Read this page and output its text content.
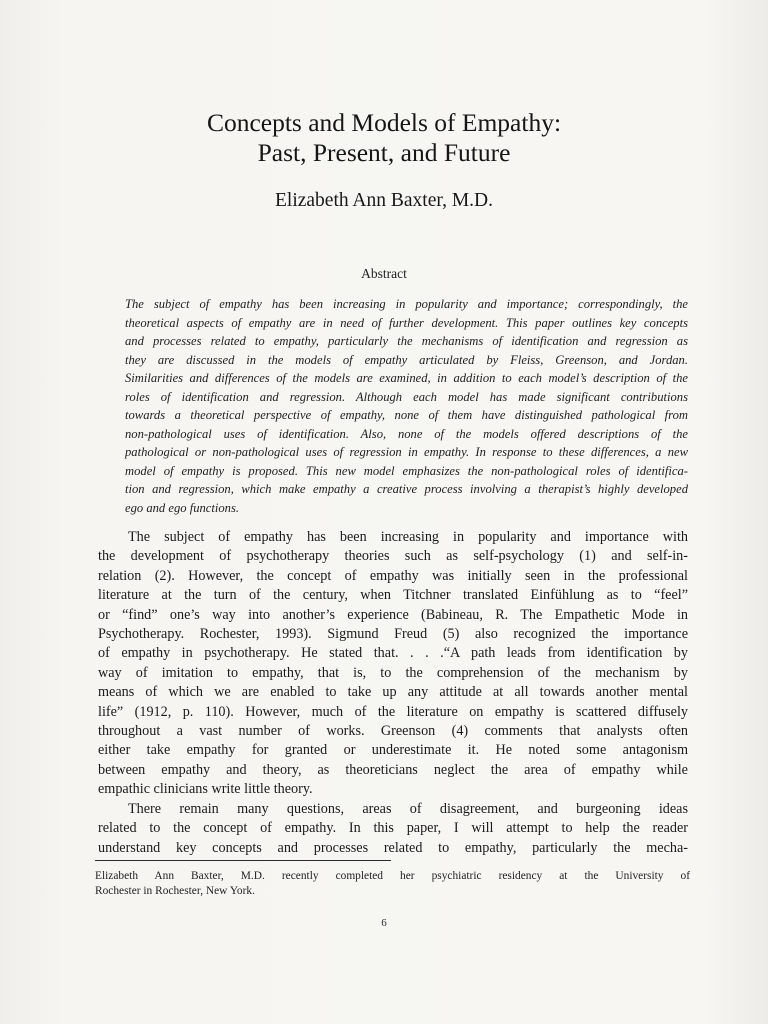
Concepts and Models of Empathy:
Past, Present, and Future
Elizabeth Ann Baxter, M.D.
Abstract
The subject of empathy has been increasing in popularity and importance; correspondingly, the
theoretical aspects of empathy are in need of further development. This paper outlines key concepts
and processes related to empathy, particularly the mechanisms of identification and regression as
they are discussed in the models of empathy articulated by Fleiss, Greenson, and Jordan.
Similarities and differences of the models are examined, in addition to each model’s description of the
roles of identification and regression. Although each model has made significant contributions
towards a theoretical perspective of empathy, none of them have distinguished pathological from
non-pathological uses of identification. Also, none of the models offered descriptions of the
pathological or non-pathological uses of regression in empathy. In response to these differences, a new
model of empathy is proposed. This new model emphasizes the non-pathological roles of identifica-
tion and regression, which make empathy a creative process involving a therapist’s highly developed
ego and ego functions.
The subject of empathy has been increasing in popularity and importance with
the development of psychotherapy theories such as self-psychology (1) and self-in-
relation (2). However, the concept of empathy was initially seen in the professional
literature at the turn of the century, when Titchner translated Einfühlung as to “feel”
or “find” one’s way into another’s experience (Babineau, R. The Empathetic Mode in
Psychotherapy. Rochester, 1993). Sigmund Freud (5) also recognized the importance
of empathy in psychotherapy. He stated that. . . .“A path leads from identification by
way of imitation to empathy, that is, to the comprehension of the mechanism by
means of which we are enabled to take up any attitude at all towards another mental
life” (1912, p. 110). However, much of the literature on empathy is scattered diffusely
throughout a vast number of works. Greenson (4) comments that analysts often
either take empathy for granted or underestimate it. He noted some antagonism
between empathy and theory, as theoreticians neglect the area of empathy while
empathic clinicians write little theory.
There remain many questions, areas of disagreement, and burgeoning ideas
related to the concept of empathy. In this paper, I will attempt to help the reader
understand key concepts and processes related to empathy, particularly the mecha-
Elizabeth Ann Baxter, M.D. recently completed her psychiatric residency at the University of
Rochester in Rochester, New York.
6
